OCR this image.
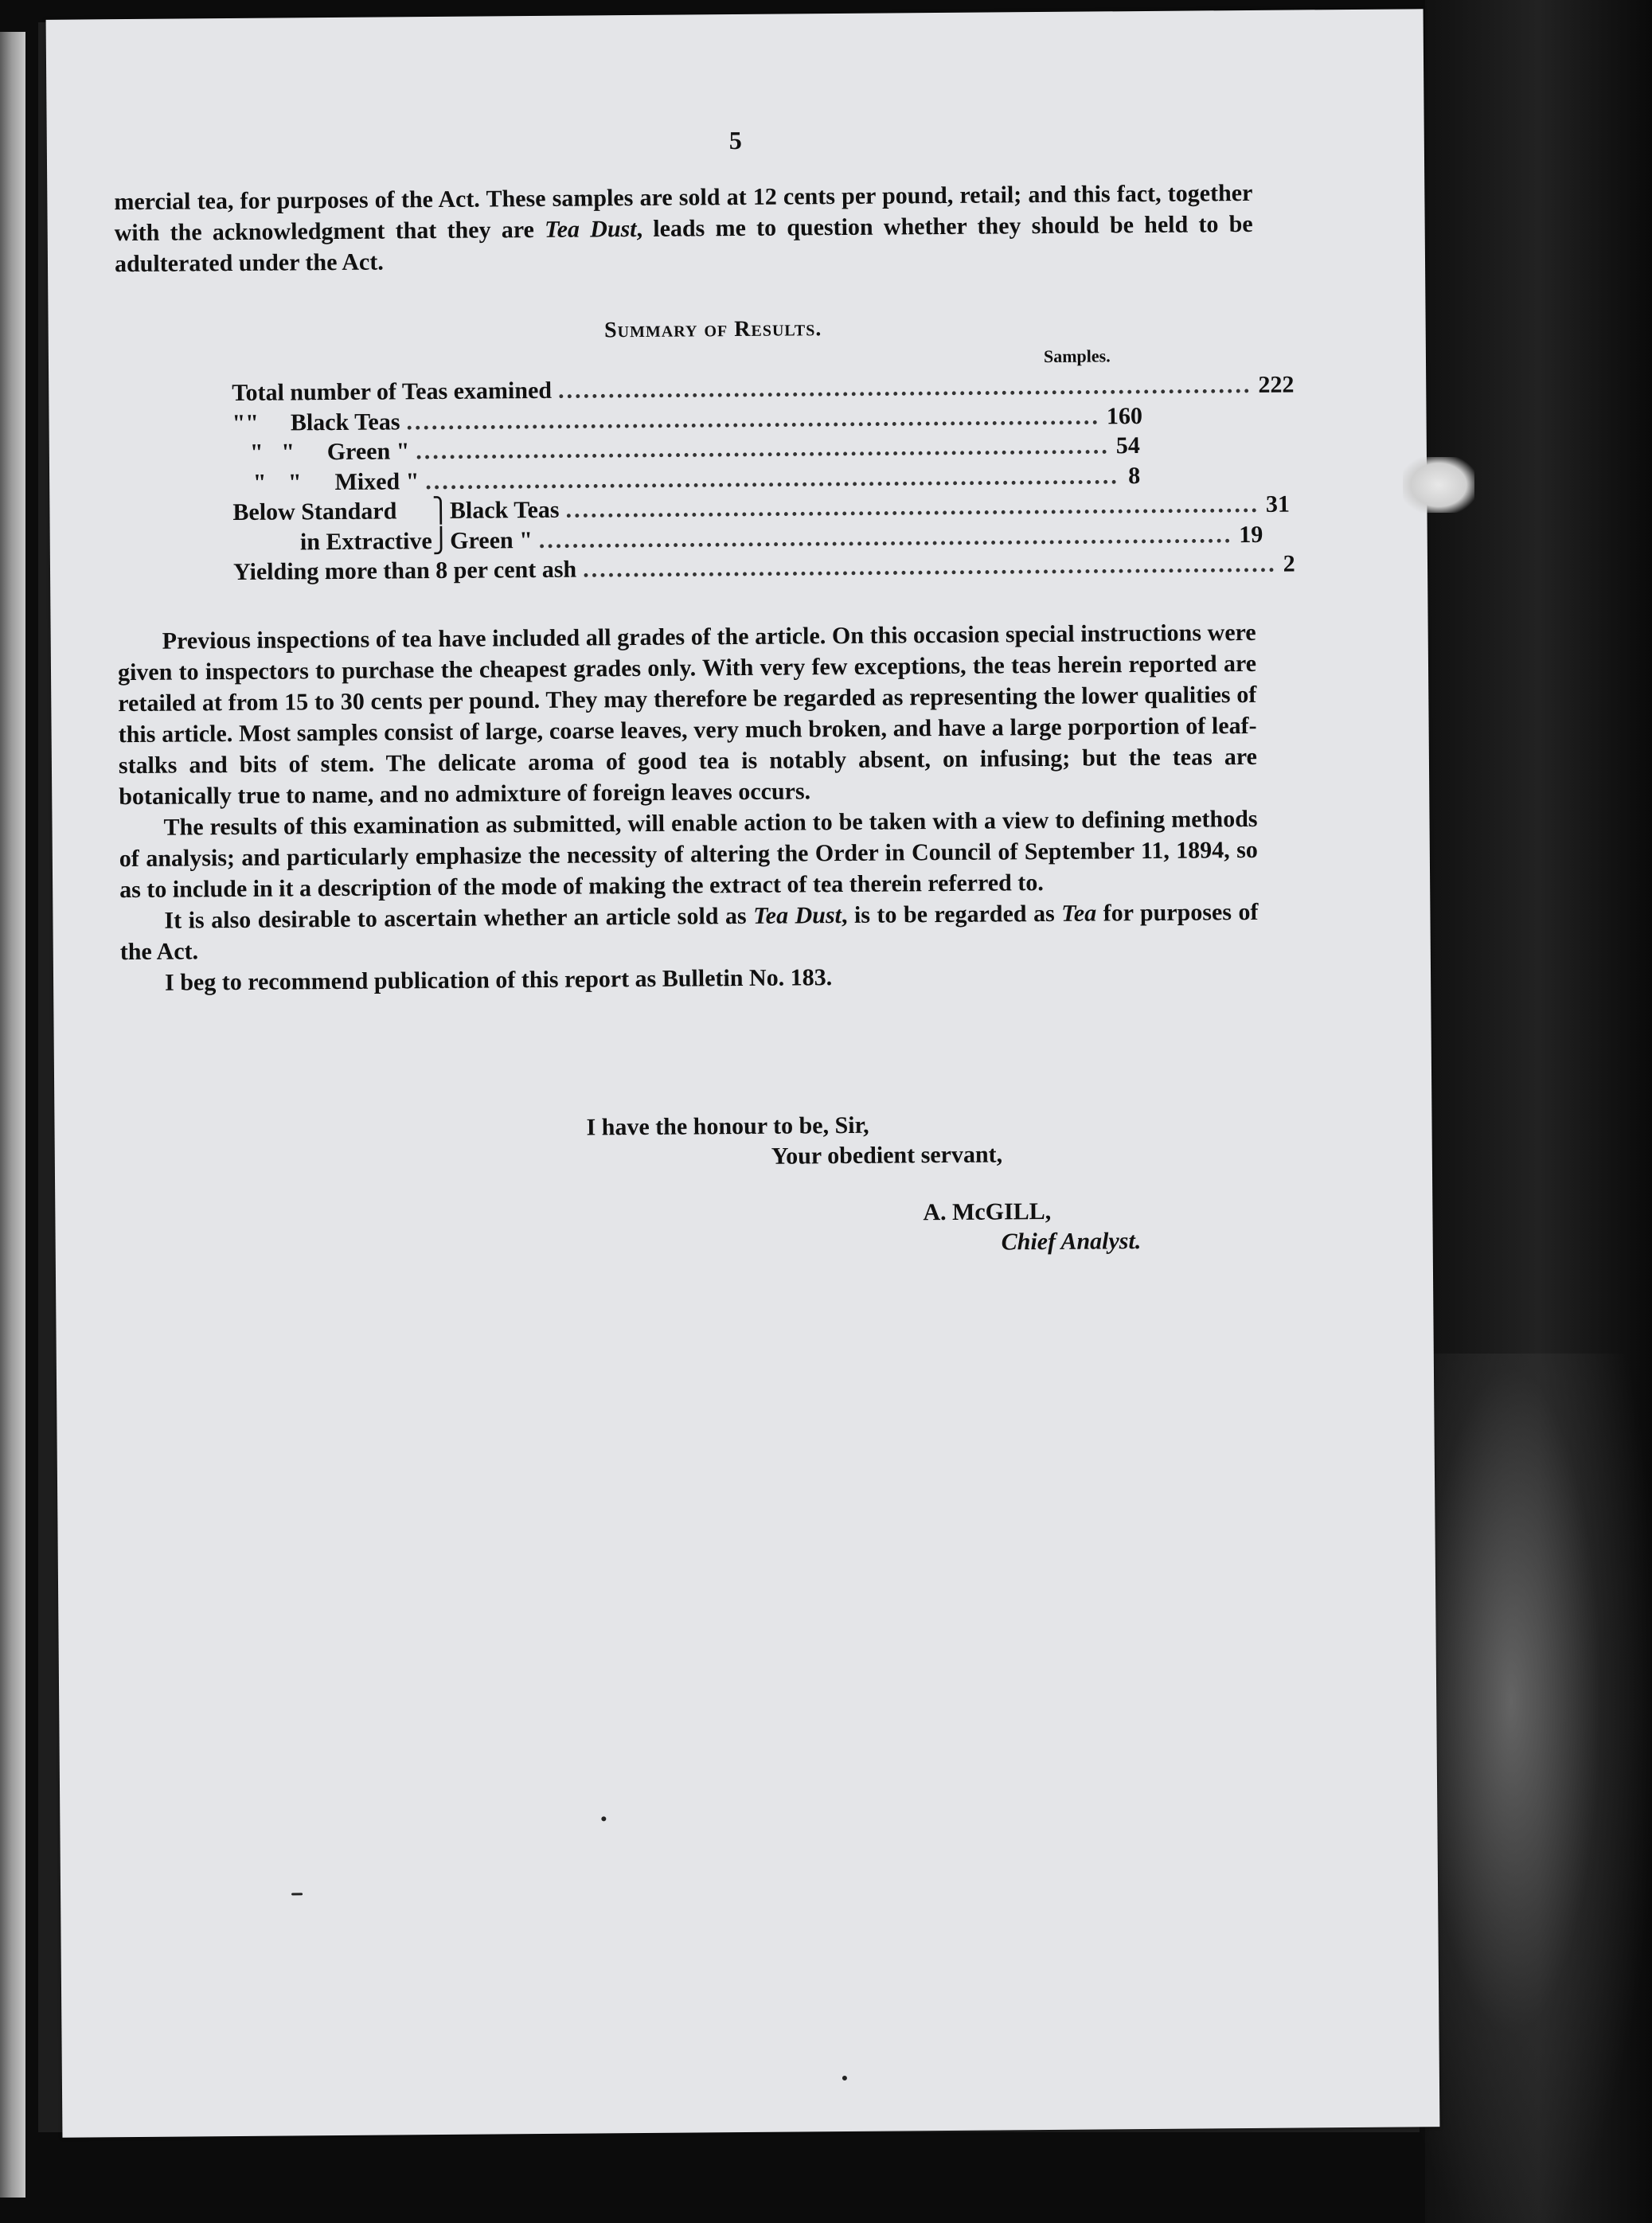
5

mercial tea, for purposes of the Act. These samples are sold at 12 cents per pound, retail; and this fact, together with the acknowledgment that they are Tea Dust, leads me to question whether they should be held to be adulterated under the Act.

Summary of Results.
Samples.
Total number of Teas examined ................................................................................... 222
" " Black Teas ................................................................................... 160
" " Green " ................................................................................... 54
" " Mixed " ................................................................................... 8
Below Standard	⎫ Black Teas ................................................................................... 31
in Extractive ⎭ Green " ................................................................................... 19
Yielding more than 8 per cent ash ................................................................................... 2

Previous inspections of tea have included all grades of the article. On this occasion special instructions were given to inspectors to purchase the cheapest grades only. With very few exceptions, the teas herein reported are retailed at from 15 to 30 cents per pound. They may therefore be regarded as representing the lower qualities of this article. Most samples consist of large, coarse leaves, very much broken, and have a large porportion of leaf-stalks and bits of stem. The delicate aroma of good tea is notably absent, on infusing; but the teas are botanically true to name, and no admixture of foreign leaves occurs.

The results of this examination as submitted, will enable action to be taken with a view to defining methods of analysis; and particularly emphasize the necessity of altering the Order in Council of September 11, 1894, so as to include in it a description of the mode of making the extract of tea therein referred to.

It is also desirable to ascertain whether an article sold as Tea Dust, is to be regarded as Tea for purposes of the Act.

I beg to recommend publication of this report as Bulletin No. 183.

I have the honour to be, Sir,
Your obedient servant,
A. McGILL,
Chief Analyst.
